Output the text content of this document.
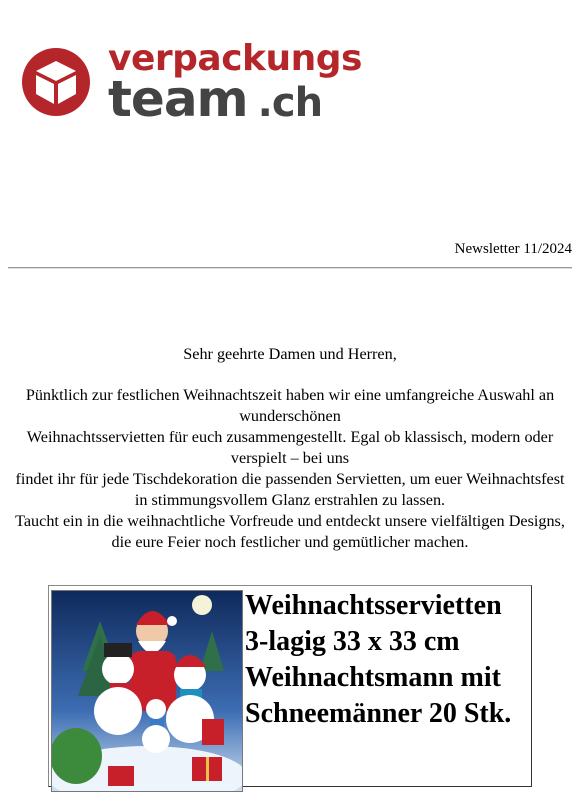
verpackungs
team .ch
Newsletter 11/2024

Sehr geehrte Damen und Herren,

Pünktlich zur festlichen Weihnachtszeit haben wir eine umfangreiche Auswahl an wunderschönen

Weihnachtsservietten für euch zusammengestellt. Egal ob klassisch, modern oder verspielt – bei uns

findet ihr für jede Tischdekoration die passenden Servietten, um euer Weihnachtsfest in stimmungsvollem Glanz erstrahlen zu lassen.

Taucht ein in die weihnachtliche Vorfreude und entdeckt unsere vielfältigen Designs, die eure Feier noch festlicher und gemütlicher machen.

Weihnachtsservietten 3-lagig 33 x 33 cm Weihnachtsmann mit Schneemänner 20 Stk.
